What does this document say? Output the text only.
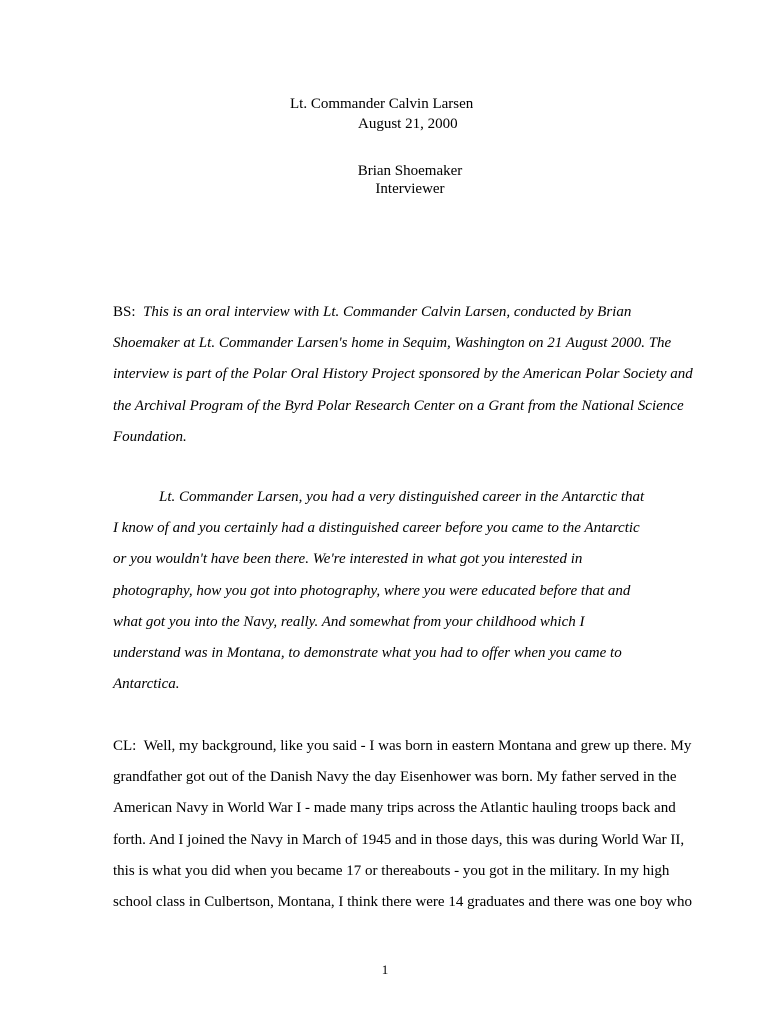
Lt. Commander Calvin Larsen
August 21, 2000
Brian Shoemaker
Interviewer
BS: This is an oral interview with Lt. Commander Calvin Larsen, conducted by Brian
Shoemaker at Lt. Commander Larsen's home in Sequim, Washington on 21 August 2000. The
interview is part of the Polar Oral History Project sponsored by the American Polar Society and
the Archival Program of the Byrd Polar Research Center on a Grant from the National Science
Foundation.
Lt. Commander Larsen, you had a very distinguished career in the Antarctic that
I know of and you certainly had a distinguished career before you came to the Antarctic
or you wouldn't have been there. We're interested in what got you interested in
photography, how you got into photography, where you were educated before that and
what got you into the Navy, really. And somewhat from your childhood which I
understand was in Montana, to demonstrate what you had to offer when you came to
Antarctica.
CL: Well, my background, like you said - I was born in eastern Montana and grew up there. My
grandfather got out of the Danish Navy the day Eisenhower was born. My father served in the
American Navy in World War I - made many trips across the Atlantic hauling troops back and
forth. And I joined the Navy in March of 1945 and in those days, this was during World War II,
this is what you did when you became 17 or thereabouts - you got in the military. In my high
school class in Culbertson, Montana, I think there were 14 graduates and there was one boy who
1
